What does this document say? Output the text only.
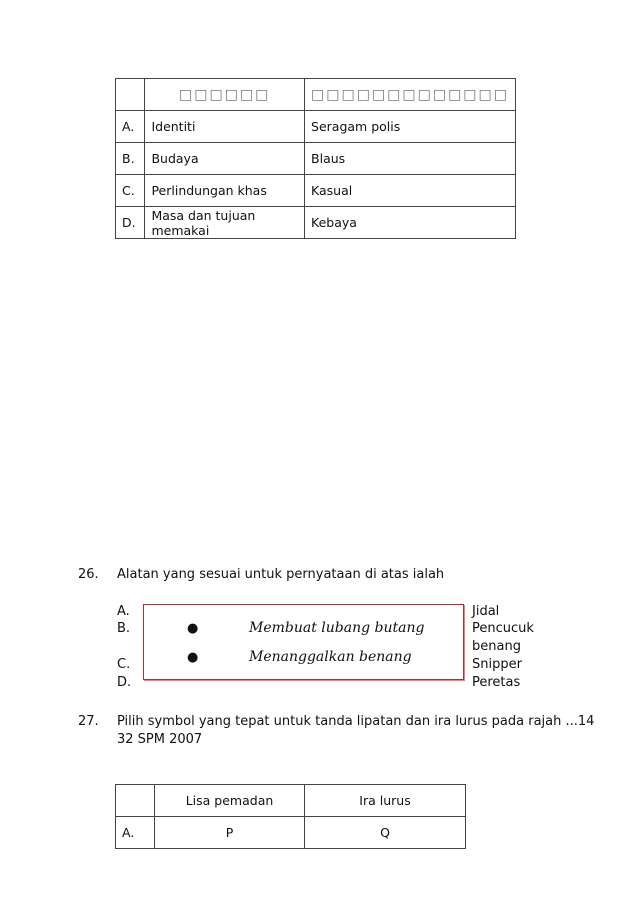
	□□□□□□	□□□□□□□□□□□□□
A.	Identiti	Seragam polis
B.	Budaya	Blaus
C.	Perlindungan khas	Kasual
D.	Masa dan tujuan memakai	Kebaya
26. Alatan yang sesuai untuk pernyataan di atas ialah
A.
B.
C.
D.
●	Membuat lubang butang
●	Menanggalkan benang
Jidal
Pencucuk
benang
Snipper
Peretas
27. Pilih symbol yang tepat untuk tanda lipatan dan ira lurus pada rajah ...14
32 SPM 2007
	Lisa pemadan	Ira lurus
A.	P	Q
